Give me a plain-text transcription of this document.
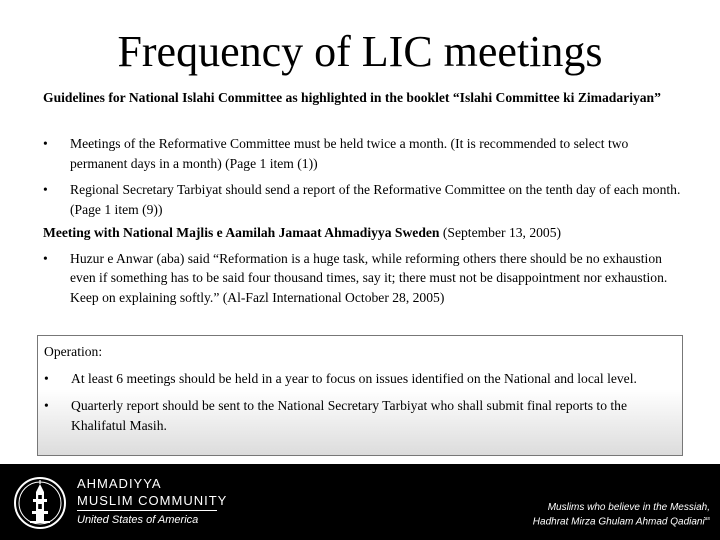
Frequency of LIC meetings

Guidelines for National Islahi Committee as highlighted in the booklet “Islahi Committee ki Zimadariyan”

•	Meetings of the Reformative Committee must be held twice a month. (It is recommended to select two permanent days in a month) (Page 1 item (1))
•	Regional Secretary Tarbiyat should send a report of the Reformative Committee on the tenth day of each month. (Page 1 item (9))

Meeting with National Majlis e Aamilah Jamaat Ahmadiyya Sweden (September 13, 2005)

•	Huzur e Anwar (aba) said “Reformation is a huge task, while reforming others there should be no exhaustion even if something has to be said four thousand times, say it; there must not be disappointment nor exhaustion. Keep on explaining softly.” (Al-Fazl International October 28, 2005)

Operation:

•	At least 6 meetings should be held in a year to focus on issues identified on the National and local level.
•	Quarterly report should be sent to the National Secretary Tarbiyat who shall submit final reports to the Khalifatul Masih.
AHMADIYYA
MUSLIM COMMUNITY
United States of America
Muslims who believe in the Messiah,
Hadhrat Mirza Ghulam Ahmad Qadiani$^{as}$
